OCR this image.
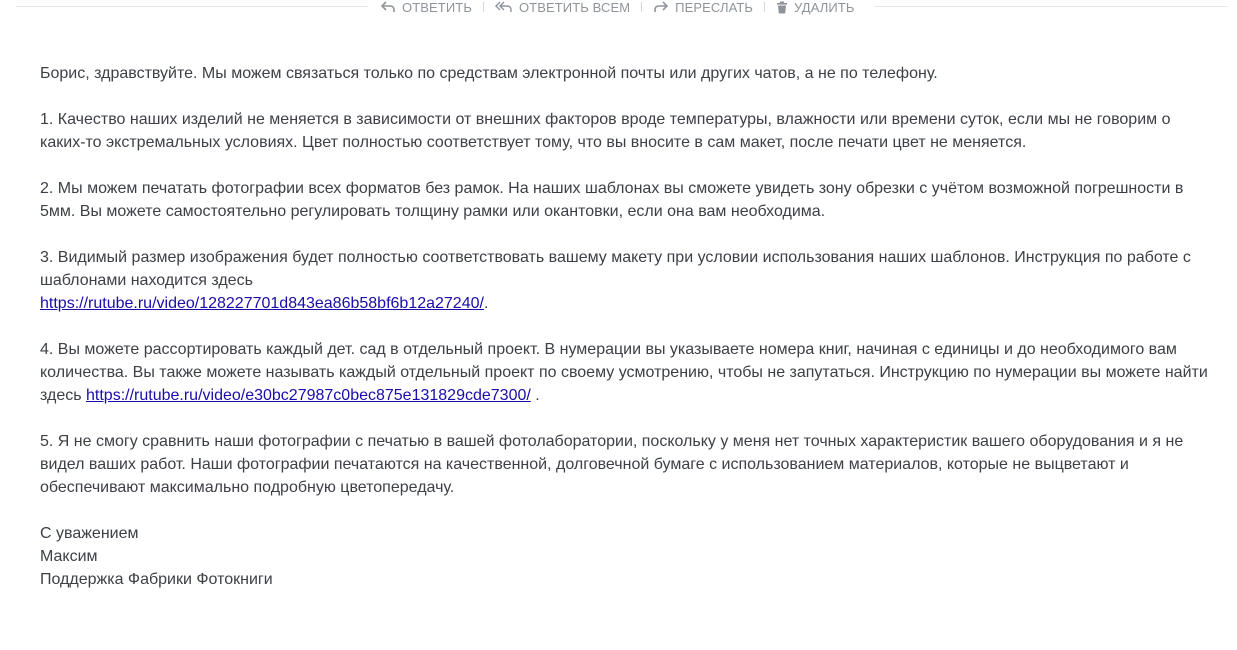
ОТВЕТИТЬ	ОТВЕТИТЬ ВСЕМ	ПЕРЕСЛАТЬ	УДАЛИТЬ

Борис, здравствуйте. Мы можем связаться только по средствам электронной почты или других чатов, а не по телефону.

1. Качество наших изделий не меняется в зависимости от внешних факторов вроде температуры, влажности или времени суток, если мы не говорим о каких-то экстремальных условиях. Цвет полностью соответствует тому, что вы вносите в сам макет, после печати цвет не меняется.

2. Мы можем печатать фотографии всех форматов без рамок. На наших шаблонах вы сможете увидеть зону обрезки с учётом возможной погрешности в 5мм. Вы можете самостоятельно регулировать толщину рамки или окантовки, если она вам необходима.

3. Видимый размер изображения будет полностью соответствовать вашему макету при условии использования наших шаблонов. Инструкция по работе с шаблонами находится здесь
https://rutube.ru/video/128227701d843ea86b58bf6b12a27240/.

4. Вы можете рассортировать каждый дет. сад в отдельный проект. В нумерации вы указываете номера книг, начиная с единицы и до необходимого вам количества. Вы также можете называть каждый отдельный проект по своему усмотрению, чтобы не запутаться. Инструкцию по нумерации вы можете найти здесь https://rutube.ru/video/e30bc27987c0bec875e131829cde7300/ .

5. Я не смогу сравнить наши фотографии с печатью в вашей фотолаборатории, поскольку у меня нет точных характеристик вашего оборудования и я не видел ваших работ. Наши фотографии печатаются на качественной, долговечной бумаге с использованием материалов, которые не выцветают и обеспечивают максимально подробную цветопередачу.

С уважением
Максим
Поддержка Фабрики Фотокниги
